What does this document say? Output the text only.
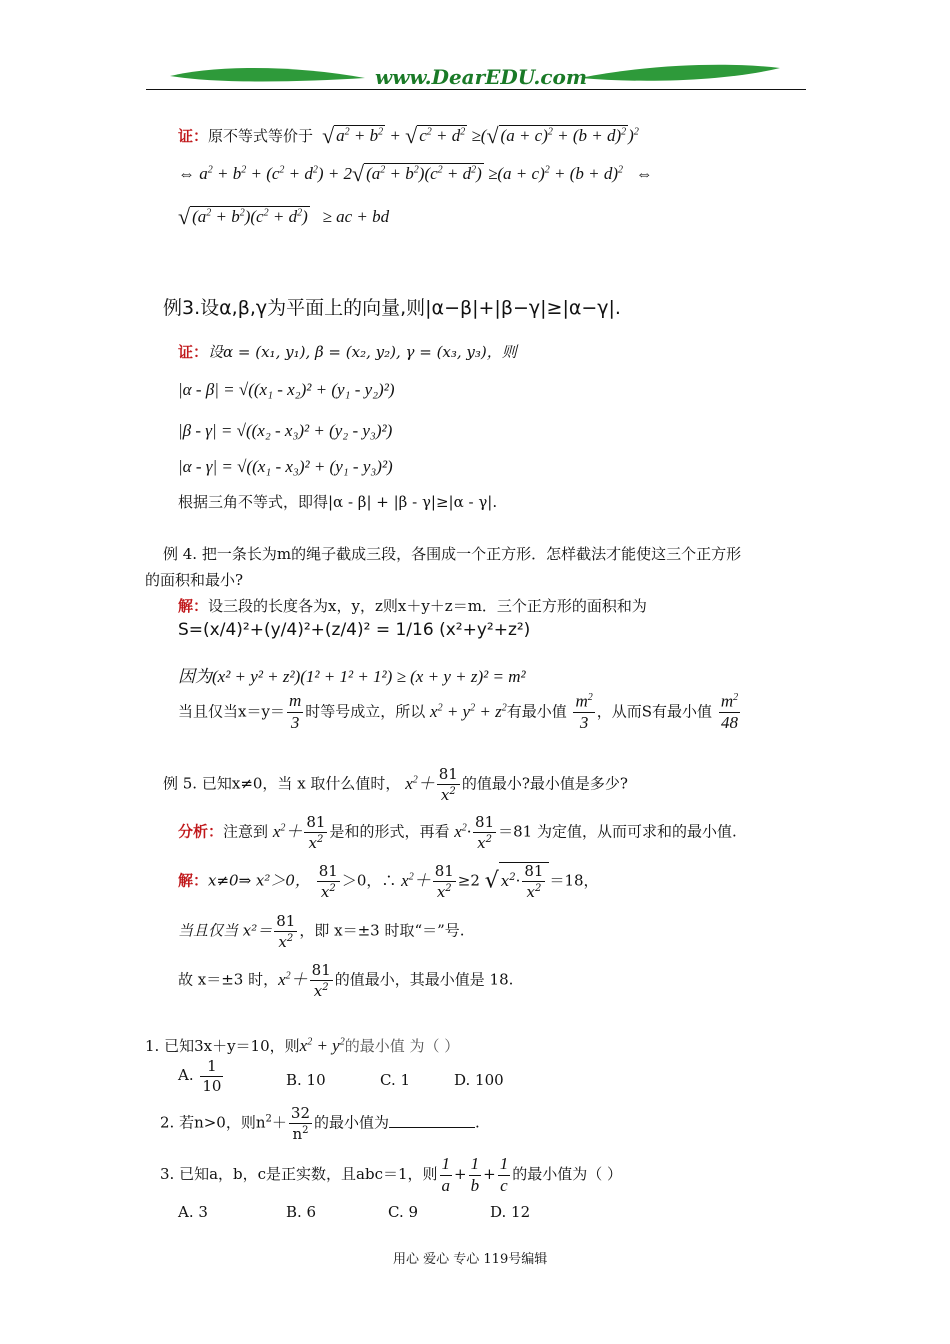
www.DearEDU.com
证：原不等式等价于 √ $a^2 + b^2$ + √ $c^2 + d^2$ ≥(√ $(a + c)^2 + (b + d)^2$ )$^2$
⇔ $a^2 + b^2 + (c^2 + d^2) + 2√$ $(a^2 + b^2)(c^2 + d^2) \ge(a + c)^2 + (b + d)^2$   ⇔
√ $(a^2 + b^2)(c^2 + d^2)$   ≥ ac + bd
例3.设α,β,γ为平面上的向量,则|α−β|+|β−γ|≥|α−γ|.
证：设α = (x₁, y₁), β = (x₂, y₂), γ = (x₃, y₃)，则
|α - β| = √((x₁ - x₂)² + (y₁ - y₂)²)
|β - γ| = √((x₂ - x₃)² + (y₂ - y₃)²)
|α - γ| = √((x₁ - x₃)² + (y₁ - y₃)²)
根据三角不等式，即得|α - β| + |β - γ|≥|α - γ|.
例 4. 把一条长为m的绳子截成三段，各围成一个正方形．怎样截法才能使这三个正方形
的面积和最小?
解：设三段的长度各为x，y，z则x＋y＋z＝m．三个正方形的面积和为
S=(x/4)²+(y/4)²+(z/4)² = 1/16 (x²+y²+z²)
因为(x² + y² + z²)(1² + 1² + 1²) ≥ (x + y + z)² = m²
当且仅当$x=y= \frac{m}{3}$ 时等号成立，所以 $x^2 + y^2 + z^2$有最小值 $\frac{m^2}{3}$ ，从而S有最小值 $\frac{m^2}{48}$
例 5. 已知x≠0，当 x 取什么值时， $x^2+ \frac{81}{x^2}$ 的值最小?最小值是多少?
分析：注意到 $x^2+ \frac{81}{x^2}$ 是和的形式，再看 $x^2\cdot \frac{81}{x^2} =81$ 为定值，从而可求和的最小值.
解：x≠0⇒ x²＞0， $\frac{81}{x^2} >0$，∴ $x^2+ \frac{81}{x^2} \ge 2$ √ $x^2\cdot \frac{81}{x^2} =18$，
当且仅当 $x^2= \frac{81}{x^2}$ ，即 x＝±3 时取“＝”号.
故 x＝±3 时，$x^2+ \frac{81}{x^2}$ 的值最小，其最小值是 18.
1. 已知3x＋y＝10，则$x^2 + y^2$的最小值 为（ ）
A. $\frac{1}{10}$	B. 10	C. 1	D. 100
2. 若n>0，则$n^2+ \frac{32}{n^2}$ 的最小值为	.
3. 已知a，b，c是正实数，且abc＝1，则 $\frac{1}{a} + \frac{1}{b} + \frac{1}{c}$ 的最小值为（ ）
A. 3	B. 6	C. 9	D. 12
用心 爱心 专心 119号编辑
